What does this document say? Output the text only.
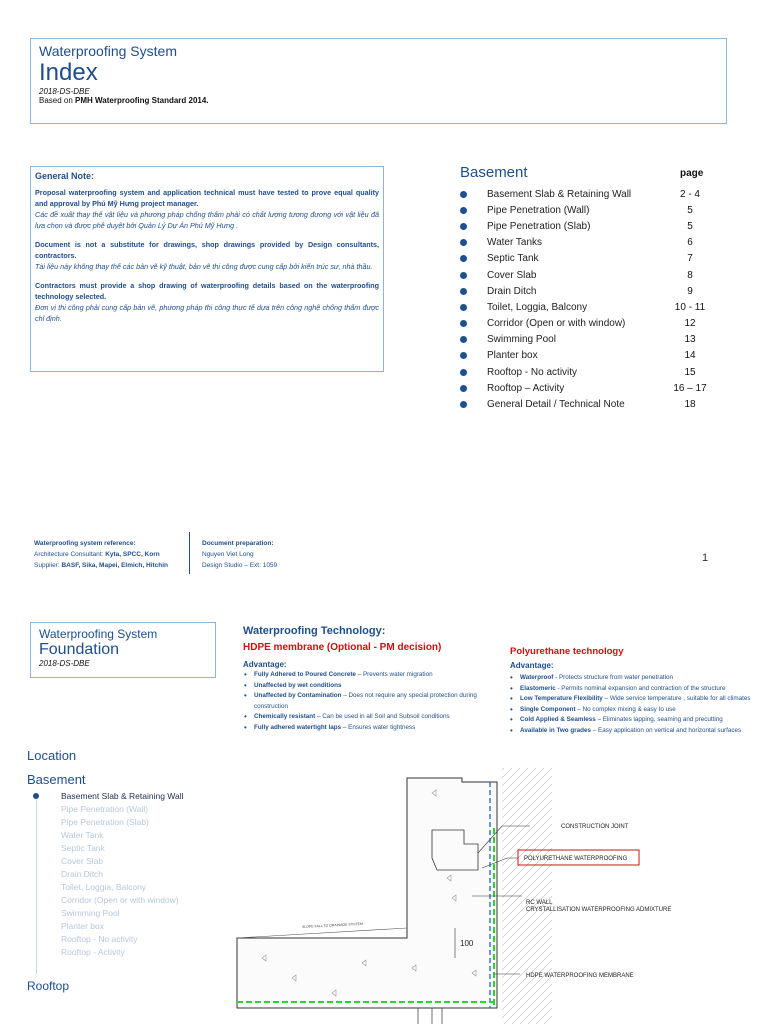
Waterproofing System
Index
2018-DS-DBE
Based on PMH Waterproofing Standard 2014.
General Note:

Proposal waterproofing system and application technical must have tested to prove equal quality and approval by Phú Mỹ Hưng project manager.

Các đề xuất thay thế vật liệu và phương pháp chống thấm phải có chất lượng tương đương với vật liệu đã lựa chọn và được phê duyệt bởi Quản Lý Dự Án Phú Mỹ Hưng .

Document is not a substitute for drawings, shop drawings provided by Design consultants, contractors.

Tài liệu này không thay thế các bản vẽ kỹ thuật, bản vẽ thi công được cung cấp bởi kiến trúc sư, nhà thầu.

Contractors must provide a shop drawing of waterproofing details based on the waterproofing technology selected.

Đơn vị thi công phải cung cấp bản vẽ, phương pháp thi công thực tế dựa trên công nghệ chống thấm được chỉ định.

Basement	page
Basement Slab & Retaining Wall	2 - 4
Pipe Penetration (Wall)	5
Pipe Penetration (Slab)	5
Water Tanks	6
Septic Tank	7
Cover Slab	8
Drain Ditch	9
Toilet, Loggia, Balcony	10 - 11
Corridor (Open or with window)	12
Swimming Pool	13
Planter box	14
Rooftop - No activity	15
Rooftop – Activity	16 – 17
General Detail / Technical Note	18
Waterproofing system reference:
Architecture Consultant: Kyta, SPCC, Korn
Supplier: BASF, Sika, Mapei, Elmich, Hitchin
Document preparation:
Nguyen Viet Long
Design Studio – Ext: 1059
1
Waterproofing System
Foundation
2018-DS-DBE
Waterproofing Technology:
HDPE membrane (Optional - PM decision)
Advantage:
• Fully Adhered to Poured Concrete – Prevents water migration
• Unaffected by wet conditions
• Unaffected by Contamination – Does not require any special protection during construction
• Chemically resistant – Can be used in all Soil and Subsoil conditions
• Fully adhered watertight laps – Ensures water tightness
Polyurethane technology
Advantage:
• Waterproof - Protects structure from water penetration
• Elastomeric - Permits nominal expansion and contraction of the structure
• Low Temperature Flexibility – Wide service temperature , suitable for all climates
• Single Component – No complex mixing & easy to use
• Cold Applied & Seamless – Eliminates lapping, seaming and precutting
• Available in Two grades – Easy application on vertical and horizontal surfaces
Location
Basement
Basement Slab & Retaining Wall
Pipe Penetration (Wall)
Pipe Penetration (Slab)
Water Tank
Septic Tank
Cover Slab
Drain Ditch
Toilet, Loggia, Balcony
Corridor (Open or with window)
Swimming Pool
Planter box
Rooftop - No activity
Rooftop - Activity
Rooftop
SLOPE FALL TO DRAINAGE SYSTEM
100
CONSTRUCTION JOINT
POLYURETHANE WATERPROOFING
RC WALL
CRYSTALLISATION WATERPROOFING ADMIXTURE
HDPE WATERPROOFING MEMBRANE
